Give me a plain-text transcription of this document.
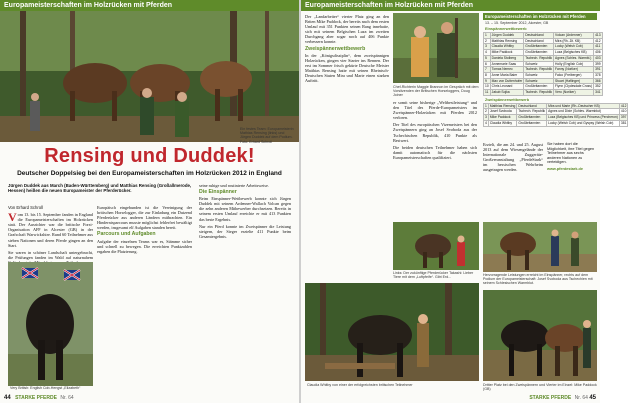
Europameisterschaften im Holzrücken mit Pferden
Ein festes Team: Europameisterin Mathias Rensing (links) und Jürgen Duddek auf dem Podium. Foto: Erhard Schroll
Rensing und Duddek!
Deutscher Doppelsieg bei den Europameisterschaften im Holzrücken 2012 in England
Jürgen Duddek aus March (Baden-Württemberg) und Matthias Rensing (Großallmerode, Hessen) heißen die neuen Europameister der Pferderücker.
Von Erhard Schroll

Vom 13. bis 15. September fanden in England die Europameisterschaften im Holzrücken statt. Der Ausrichter war die britische Forst-Organisation AFF in Alcester (GB) in der Grafschaft Warwickshire. Rund 60 Teilnehmer aus sieben Nationen und deren Pferde gingen an den Start.

Sie waren in schöner Landschaft untergebracht, die Prüfungen fanden im Wald auf naturnahem

Very British: English Cob-Hengst „Elizabeth“

Europäisch eingebunden ist die Vereinigung der britischen Horselogger, die zur Einladung ein Dutzend Pferderücker aus anderen Ländern mitbrachten. Ein Hindernisparcours musste möglichst fehlerfrei bewältigt werden, insgesamt elf Aufgaben standen bereit.

Parcours und Aufgaben

Aufgabe der einzelnen Teams war es, Stämme sicher und schnell zu bewegen. Die erreichten Punktzahlen ergaben die Platzierung.

seine ruhige und routinierte Arbeitsweise.

Die Einspänner

Beim Einspänner-Wettbewerb konnte sich Jürgen Duddek mit seinem Ardenner-Wallach Volcan gegen die zehn anderen Mitbewerber durchsetzen. Bereits in seinem ersten Umlauf erreichte er mit 413 Punkten das beste Ergebnis.

Nur ein Pferd konnte im Zweispänner die Leistung steigern, der Sieger erzielte 411 Punkte beim Gesamtergebnis.

44 STARKE PFERDE Nr. 64
Europameisterschaften im Holzrücken mit Pferden

Der „Landarbeiter“ vierter Platz ging an den Briten Mike Paddock, der bereits nach dem ersten Umlauf mit 351 Punkten seinen Rang innehatte, sich mit seinem Belgischen Luza im zweiten Durchgang aber sogar noch auf 406 Punkte verbessern konnte.

Zweispännerwettbewerb

In der „Königsdisziplin“, dem zweispännigen Holzrücken, gingen vier Starter ins Rennen. Der erst im Sommer frisch gekürte Deutsche Meister Matthias Rensing hatte mit seinen Rheinisch-Deutschen Stuten Mira und Marie einen starken Auftritt.

Chef-Richterin Maggie Brannon im Gespräch mit dem Vorsitzenden der Britischen Horseloggers, Doug Joiner

er somit seine bisherige „Weltbestleistung“ und den Titel des Pferde-Europameisters im Zweispänner-Holzrücken mit Pferden 2012 verloren.

Der Titel des europäischen Vizemeisters bei den Zweispännern ging an Josef Svoboda aus der Tschechischen Republik, 410 Punkte als Bestwert.

Die beiden deutschen Teilnehmer haben sich damit automatisch für die nächsten Europameisterschaften qualifiziert.

Europameisterschaften im Holzrücken mit Pferden
13. – 15. September 2012, Alcester, GB
Einspännerwettbewerb
1	Jürgen Duddek	Deutschland	Volcan (Ardenner)	413
2	Matthias Rensing	Deutschland	Mira (Rh.-Dt. KB)	412
3	Claudia Whitby	Großbritannien	Lucky (Welsh Cob)	411
4	Mike Paddock	Großbritannien	Luza (Belgisches KB)	406
5	Daniela Stolberg	Tschech. Republik	Agnes (Schles. Warmbl.)	403
6	Annemarie Saas	Schweiz	Holly (English Cob)	399
7	Tomas Nemec	Tschech. Republik	Fanny (Noriker)	391
8	Anne Maria Baier	Schweiz	Falco (Freiberger)	378
9	Max von Duttenhofer	Schweiz	Stuart (Haflinger)	366
10	Chris Leonard	Großbritannien	Flynn (Clydesdale Cross)	352
11	Jakub Sojka	Tschech. Republik	Vero (Noriker)	341
Zweispännerwettbewerb
1	Matthias Rensing	Deutschland	Mira und Marie (Rh.-Deutscher KB)	412
2	Josef Svoboda	Tschech. Republik	Agnes und Dixie (Schles. Warmblut)	410
3	Mike Paddock	Großbritannien	Luza (Belgisches KB) und Princess (Percheron)	397
4	Claudia Whitby	Großbritannien	Lucky (Welsh Cob) und Gyspsy (Welsh Cob)	381

Erzielt, die am 24. und 25. August 2013 auf dem Wiesengelände der Internationale Zuggeräte-Großveranstaltung „PferdeStark“ im hessischen Wehrheim ausgetragen werden.

Sie haben dort die Möglichkeit, ihre Titel gegen Teilnehmer aus sechs anderen Nationen zu verteidigen.
www.pferdestark.de
Links: Der zukünftige Pferderücker Takashi: Lieber Tiere mit dem „Luftpfeife“. Gibt Erd...
Hervorragende Leistungen erreicht im Einspänner, rechts auf dem Podium der Europameisterschaft: Josef Svoboda aus Tschechien mit seinem Schlesischen Warmblut.
Claudia Whitby von einer der erfolgreichsten britischen Teilnehmer	Dritter Platz bei den Zweispännern und Vierter im Einzel: Mike Paddock (GB)
STARKE PFERDE Nr. 64 45
